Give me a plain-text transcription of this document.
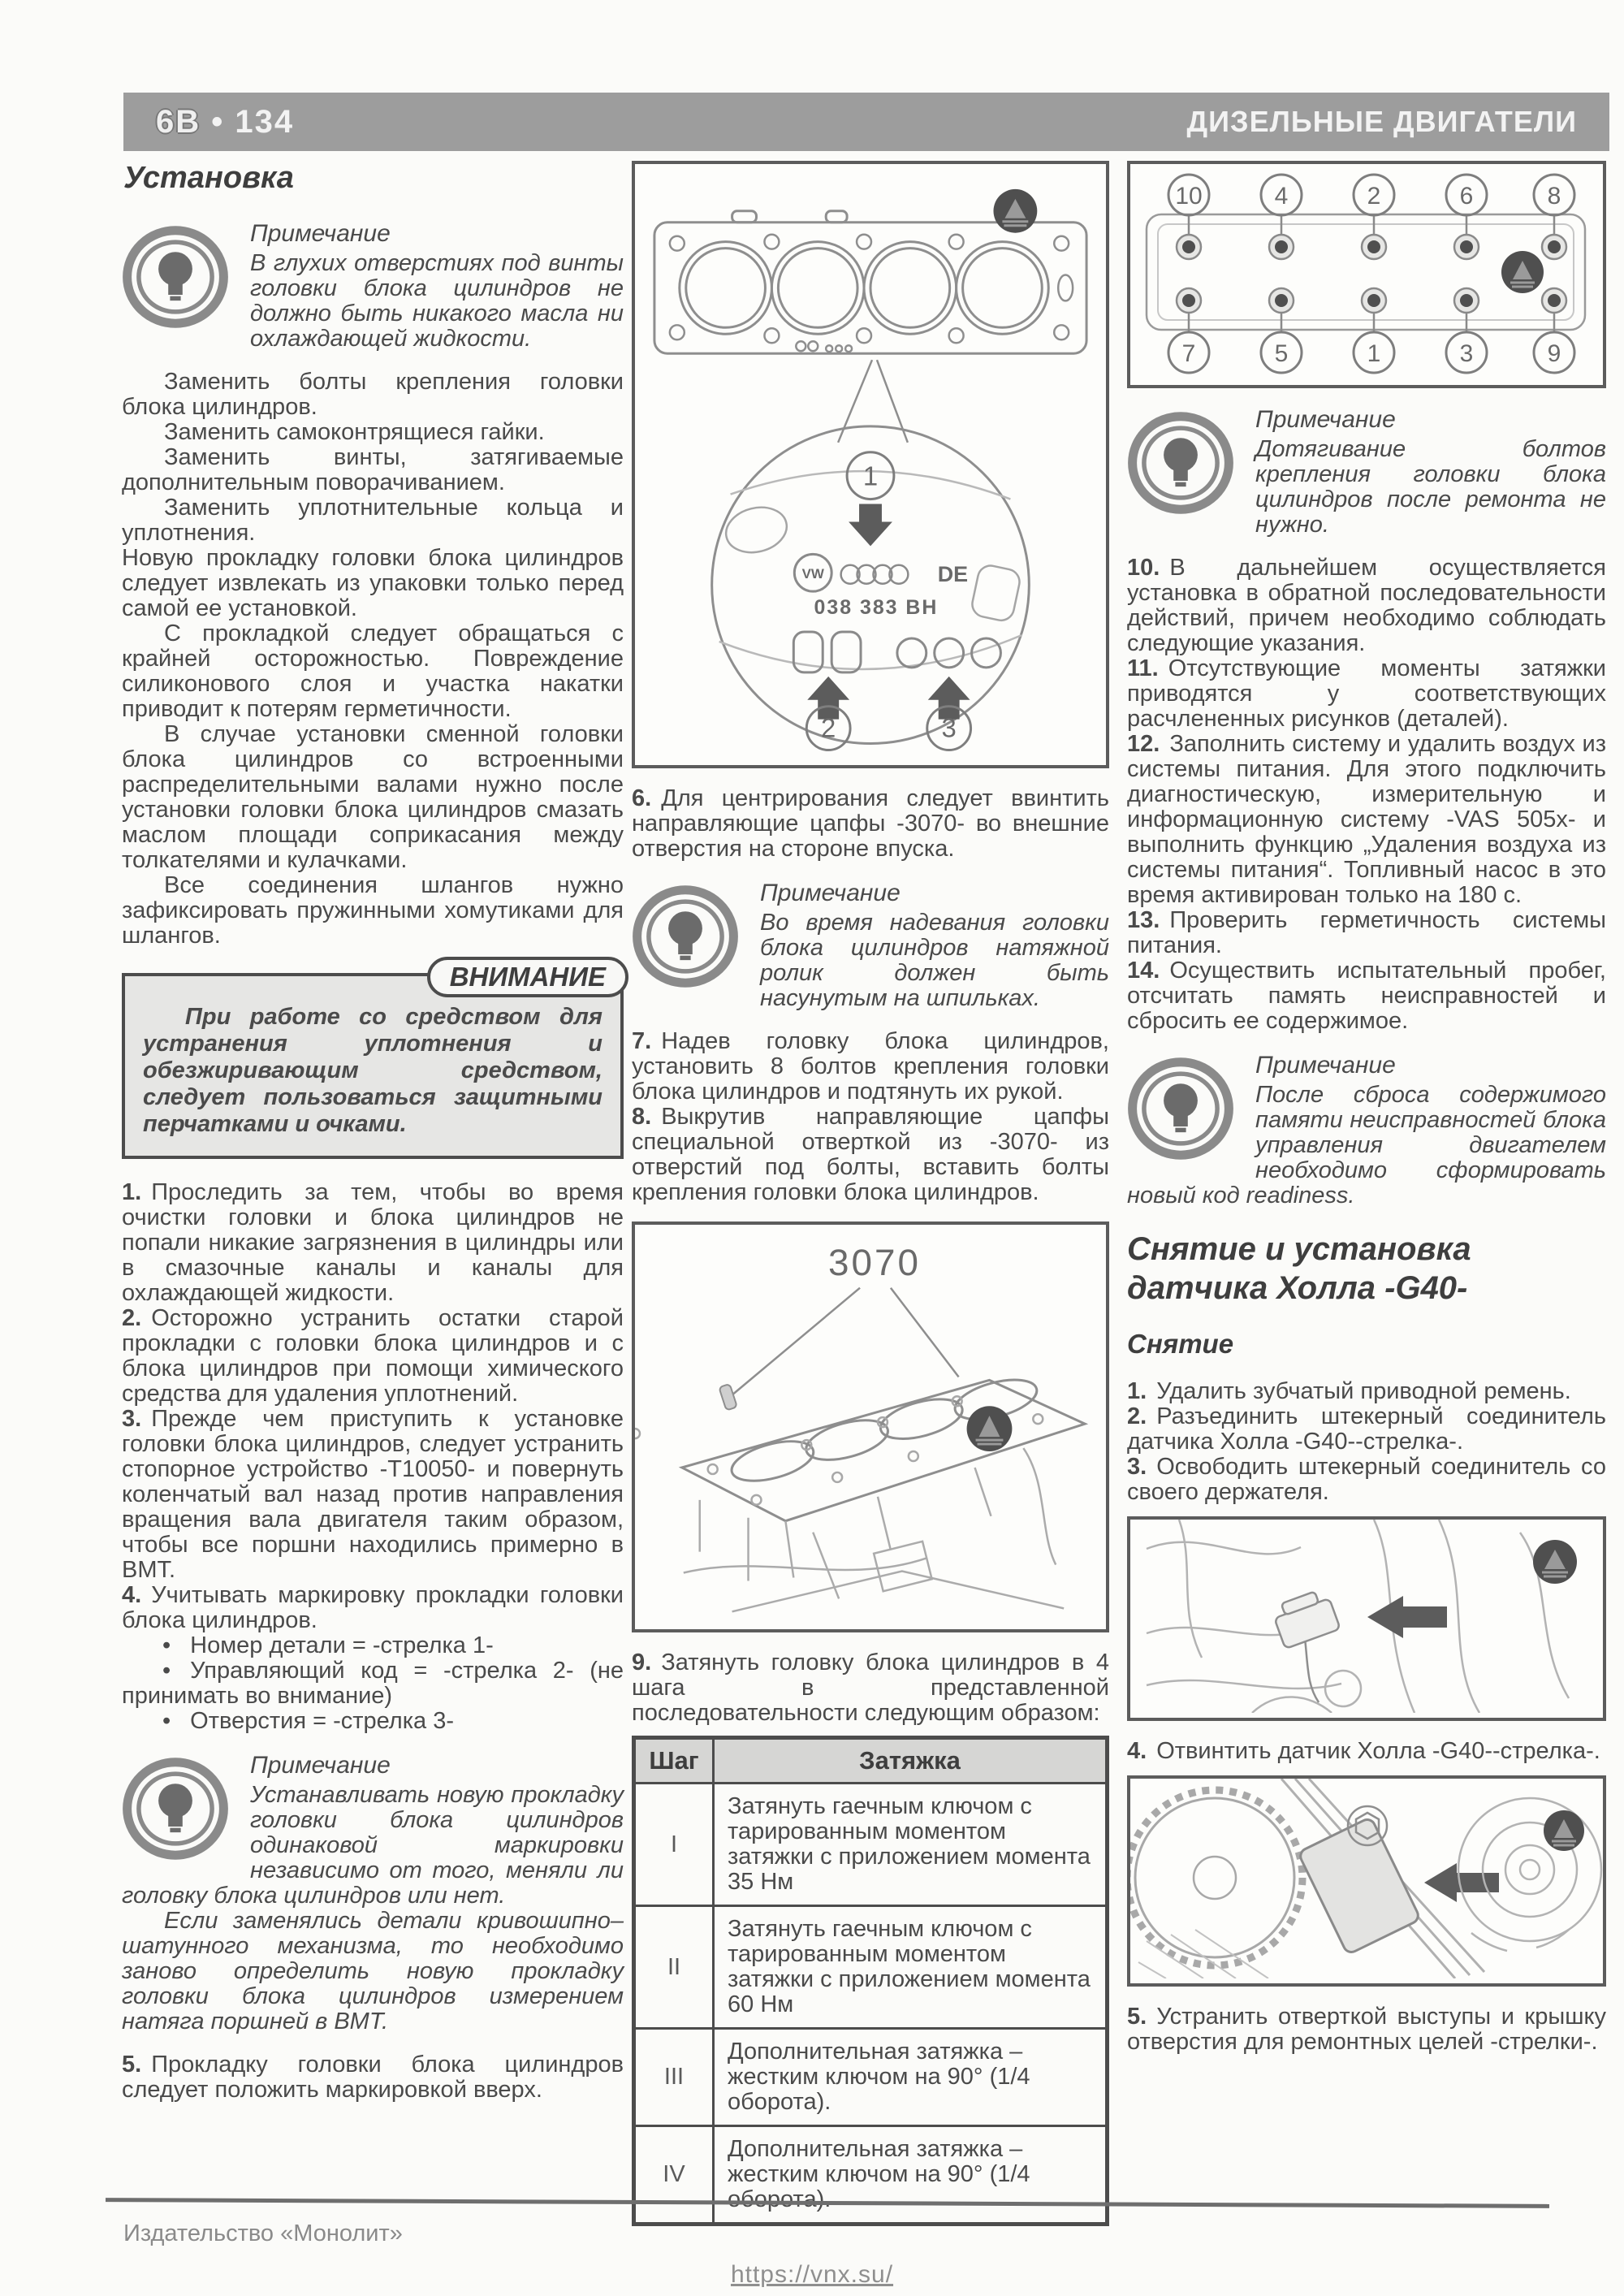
6B • 134	ДИЗЕЛЬНЫЕ ДВИГАТЕЛИ
Установка

Примечание

В глухих отверстиях под винты головки блока цилиндров не должно быть никакого масла ни охлаждающей жидкости.

Заменить болты крепления головки блока цилиндров.

Заменить самоконтрящиеся гайки.

Заменить винты, затягиваемые дополнительным поворачиванием.

Заменить уплотнительные кольца и уплотнения.

Новую прокладку головки блока цилиндров следует извлекать из упаковки только перед самой ее установкой.

С прокладкой следует обращаться с крайней осторожностью. Повреждение силиконового слоя и участка накатки приводит к потерям герметичности.

В случае установки сменной головки блока цилиндров со встроенными распределительными валами нужно после установки головки блока цилиндров смазать маслом площади соприкасания между толкателями и кулачками.

Все соединения шлангов нужно зафиксировать пружинными хомутиками для шлангов.

ВНИМАНИЕ

При работе со средством для устранения уплотнения и обезжиривающим средством, следует пользоваться защитными перчатками и очками.

1. Проследить за тем, чтобы во время очистки головки и блока цилиндров не попали никакие загрязнения в цилиндры или в смазочные каналы и каналы для охлаждающей жидкости.

2. Осторожно устранить остатки старой прокладки с головки блока цилиндров и с блока цилиндров при помощи химического средства для удаления уплотнений.

3. Прежде чем приступить к установке головки блока цилиндров, следует устранить стопорное устройство -Т10050- и повернуть коленчатый вал назад против направления вращения вала двигателя таким образом, чтобы все поршни находились примерно в ВМТ.

4. Учитывать маркировку прокладки головки блока цилиндров.

• Номер детали = -стрелка 1-

• Управляющий код = -стрелка 2- (не принимать во внимание)

• Отверстия = -стрелка 3-

Примечание

Устанавливать новую прокладку головки блока цилиндров одинаковой маркировки независимо от того, меняли ли головку блока цилиндров или нет.

Если заменялись детали кривошипно–шатунного механизма, то необходимо заново определить новую прокладку головки блока цилиндров измерением натяга поршней в ВМТ.

5. Прокладку головки блока цилиндров следует положить маркировкой вверх.

1
VW	DE
038 383 BH
2	3

6. Для центрирования следует ввинтить направляющие цапфы -3070- во внешние отверстия на стороне впуска.

Примечание

Во время надевания головки блока цилиндров натяжной ролик должен быть насунутым на шпильках.

7. Надев головку блока цилиндров, установить 8 болтов крепления головки блока цилиндров и подтянуть их рукой.

8. Выкрутив направляющие цапфы специальной отверткой из -3070- из отверстий под болты, вставить болты крепления головки блока цилиндров.

3070

9. Затянуть головку блока цилиндров в 4 шага в представленной последовательности следующим образом:

Шаг	Затяжка
I	Затянуть гаечным ключом с тарированным моментом затяжки с приложением момента 35 Нм
II	Затянуть гаечным ключом с тарированным моментом затяжки с приложением момента 60 Нм
III	Дополнительная затяжка – жестким ключом на 90° (1/4 оборота).
IV	Дополнительная затяжка – жестким ключом на 90° (1/4 оборота).
10	4	2	6	8
7	5	1	3	9

Примечание

Дотягивание болтов крепления головки блока цилиндров после ремонта не нужно.

10. В дальнейшем осуществляется установка в обратной последовательности действий, причем необходимо соблюдать следующие указания.

11. Отсутствующие моменты затяжки приводятся у соответствующих расчлененных рисунков (деталей).

12. Заполнить систему и удалить воздух из системы питания. Для этого подключить диагностическую, измерительную и информационную систему -VAS 505x- и выполнить функцию „Удаления воздуха из системы питания“. Топливный насос в это время активирован только на 180 с.

13. Проверить герметичность системы питания.

14. Осуществить испытательный пробег, отсчитать память неисправностей и сбросить ее содержимое.

Примечание

После сброса содержимого памяти неисправностей блока управления двигателем необходимо сформировать новый код readiness.

Снятие и установка датчика Холла -G40-
Снятие

1. Удалить зубчатый приводной ремень.

2. Разъединить штекерный соединитель датчика Холла -G40--стрелка-.

3. Освободить штекерный соединитель со своего держателя.

4. Отвинтить датчик Холла -G40--стрелка-.

5. Устранить отверткой выступы и крышку отверстия для ремонтных целей -стрелки-.

Издательство «Монолит»
https://vnx.su/
